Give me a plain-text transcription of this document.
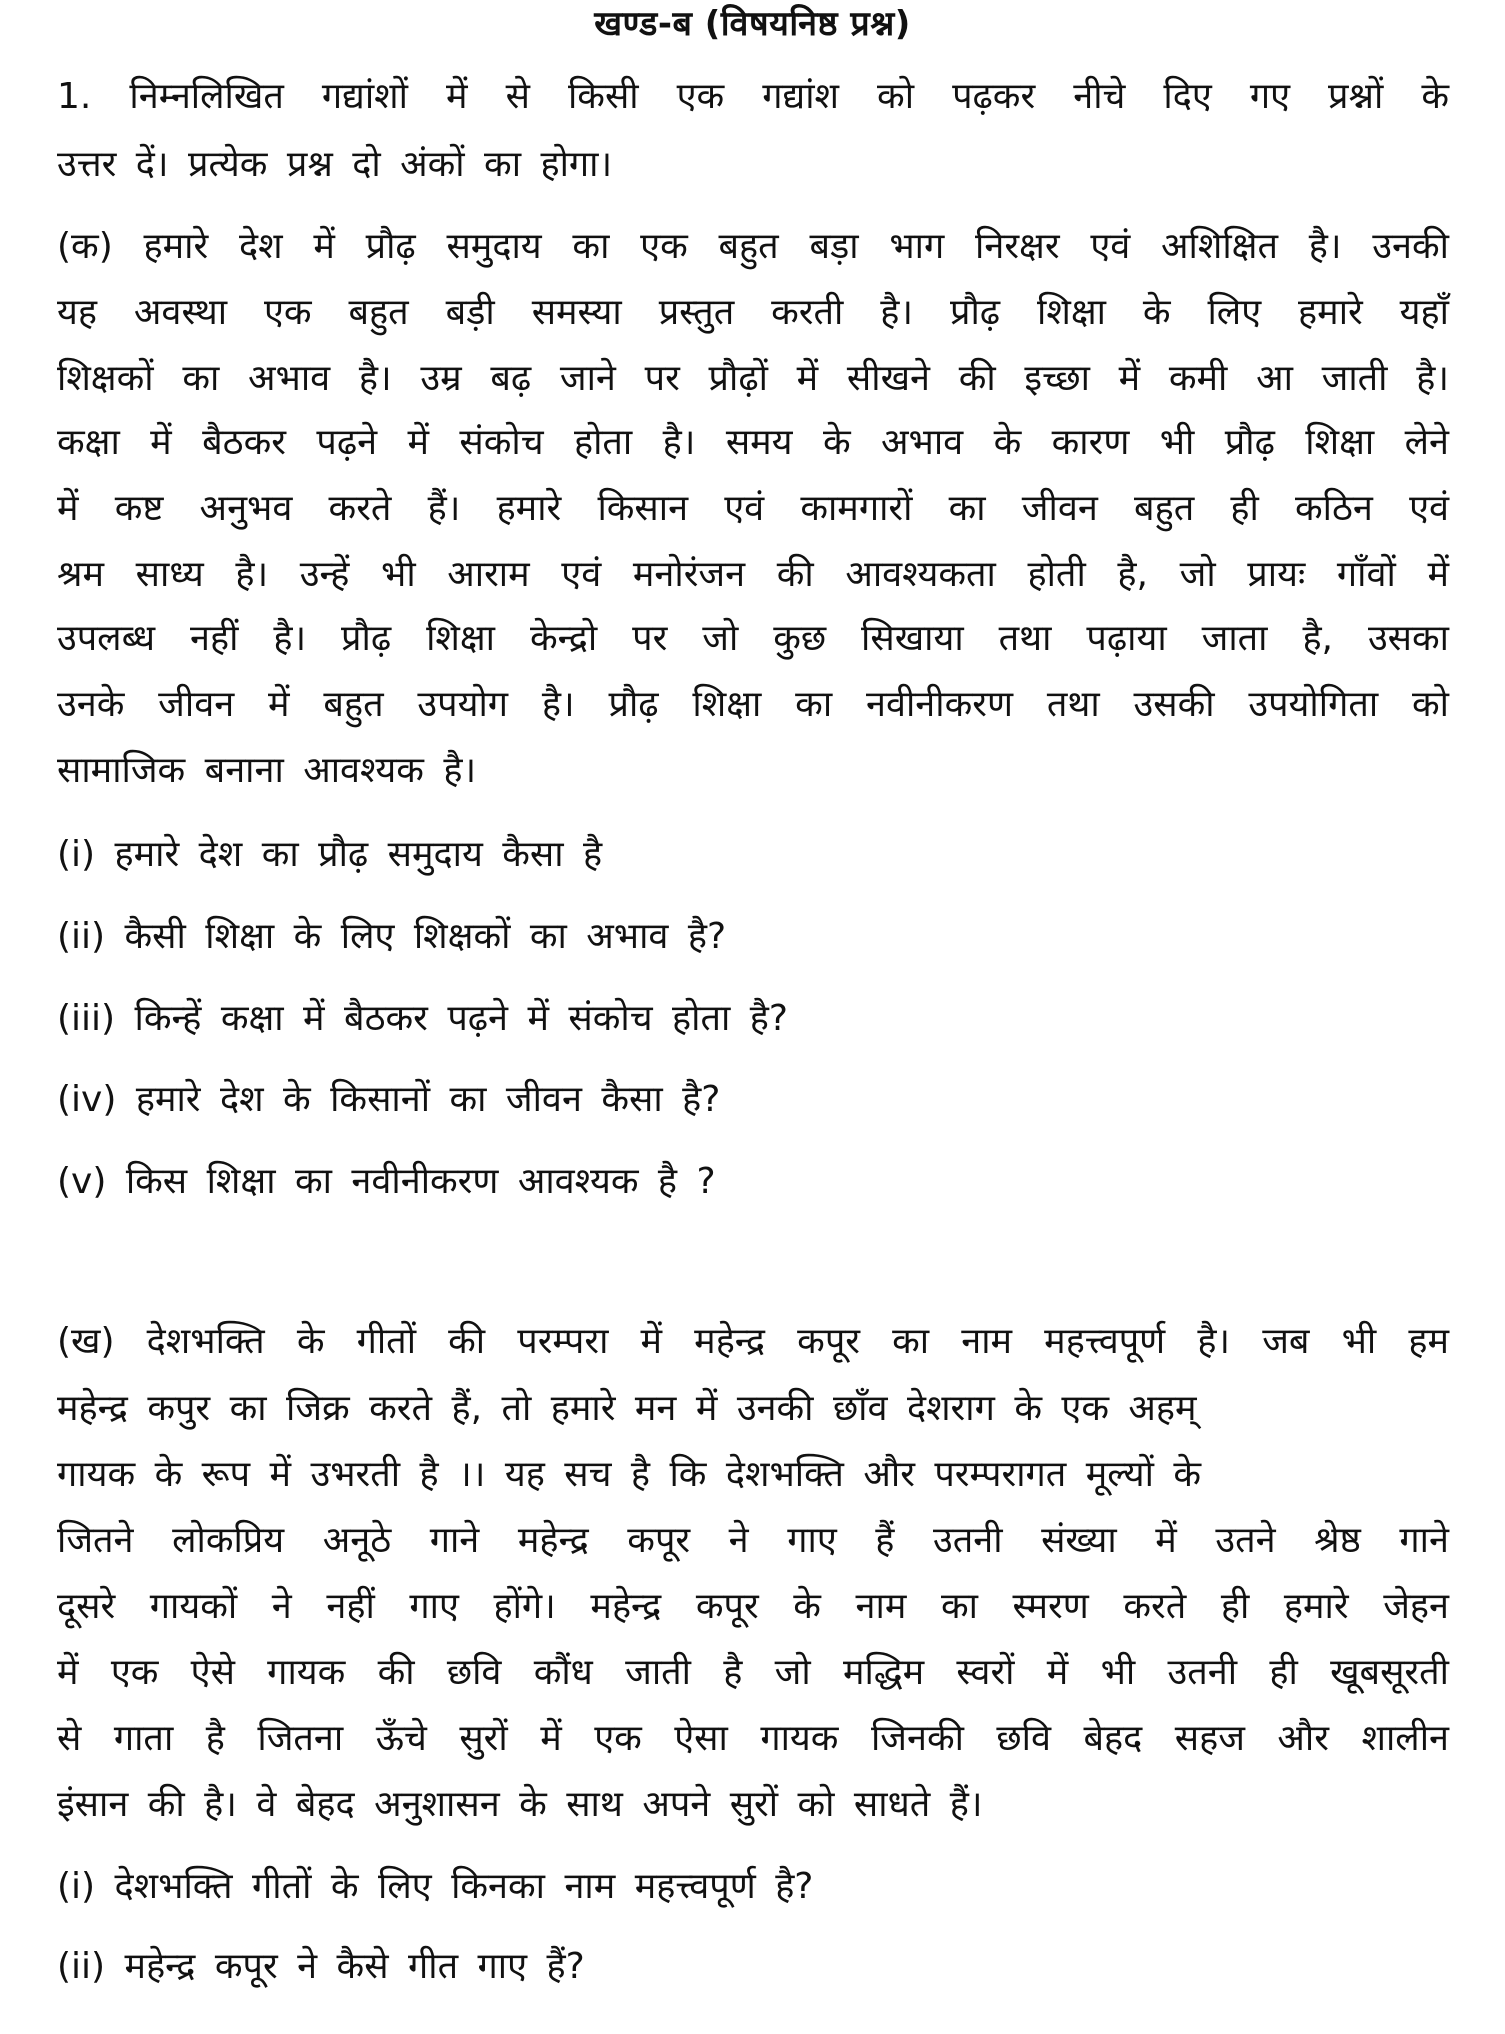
खण्ड-ब (विषयनिष्ठ प्रश्न)
1. निम्नलिखित गद्यांशों में से किसी एक गद्यांश को पढ़कर नीचे दिए गए प्रश्नों के
उत्तर दें। प्रत्येक प्रश्न दो अंकों का होगा।
(क) हमारे देश में प्रौढ़ समुदाय का एक बहुत बड़ा भाग निरक्षर एवं अशिक्षित है। उनकी
यह अवस्था एक बहुत बड़ी समस्या प्रस्तुत करती है। प्रौढ़ शिक्षा के लिए हमारे यहाँ
शिक्षकों का अभाव है। उम्र बढ़ जाने पर प्रौढ़ों में सीखने की इच्छा में कमी आ जाती है।
कक्षा में बैठकर पढ़ने में संकोच होता है। समय के अभाव के कारण भी प्रौढ़ शिक्षा लेने
में कष्ट अनुभव करते हैं। हमारे किसान एवं कामगारों का जीवन बहुत ही कठिन एवं
श्रम साध्य है। उन्हें भी आराम एवं मनोरंजन की आवश्यकता होती है, जो प्रायः गाँवों में
उपलब्ध नहीं है। प्रौढ़ शिक्षा केन्द्रो पर जो कुछ सिखाया तथा पढ़ाया जाता है, उसका
उनके जीवन में बहुत उपयोग है। प्रौढ़ शिक्षा का नवीनीकरण तथा उसकी उपयोगिता को
सामाजिक बनाना आवश्यक है।
(i) हमारे देश का प्रौढ़ समुदाय कैसा है
(ii) कैसी शिक्षा के लिए शिक्षकों का अभाव है?
(iii) किन्हें कक्षा में बैठकर पढ़ने में संकोच होता है?
(iv) हमारे देश के किसानों का जीवन कैसा है?
(v) किस शिक्षा का नवीनीकरण आवश्यक है ?
(ख) देशभक्ति के गीतों की परम्परा में महेन्द्र कपूर का नाम महत्त्वपूर्ण है। जब भी हम
महेन्द्र कपुर का जिक्र करते हैं, तो हमारे मन में उनकी छाँव देशराग के एक अहम्
गायक के रूप में उभरती है ।। यह सच है कि देशभक्ति और परम्परागत मूल्यों के
जितने लोकप्रिय अनूठे गाने महेन्द्र कपूर ने गाए हैं उतनी संख्या में उतने श्रेष्ठ गाने
दूसरे गायकों ने नहीं गाए होंगे। महेन्द्र कपूर के नाम का स्मरण करते ही हमारे जेहन
में एक ऐसे गायक की छवि कौंध जाती है जो मद्धिम स्वरों में भी उतनी ही खूबसूरती
से गाता है जितना ऊँचे सुरों में एक ऐसा गायक जिनकी छवि बेहद सहज और शालीन
इंसान की है। वे बेहद अनुशासन के साथ अपने सुरों को साधते हैं।
(i) देशभक्ति गीतों के लिए किनका नाम महत्त्वपूर्ण है?
(ii) महेन्द्र कपूर ने कैसे गीत गाए हैं?
